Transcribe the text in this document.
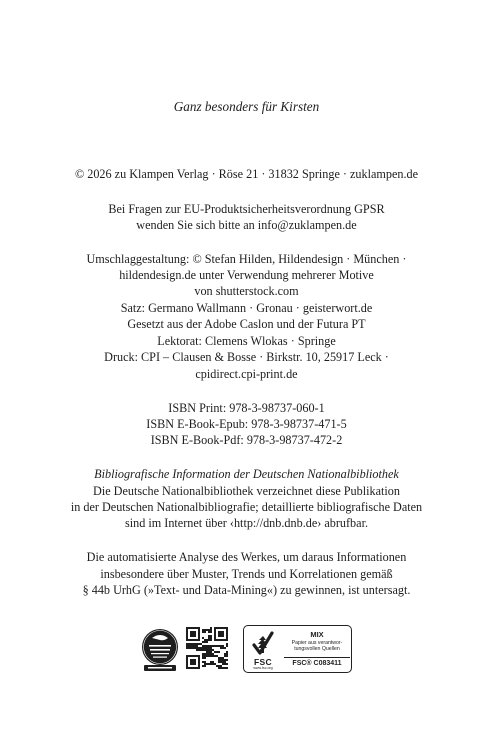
Ganz besonders für Kirsten
© 2026 zu Klampen Verlag · Röse 21 · 31832 Springe · zuklampen.de
Bei Fragen zur EU-Produktsicherheitsverordnung GPSR
wenden Sie sich bitte an info@zuklampen.de
Umschlaggestaltung: © Stefan Hilden, Hildendesign · München ·
hildendesign.de unter Verwendung mehrerer Motive
von shutterstock.com
Satz: Germano Wallmann · Gronau · geisterwort.de
Gesetzt aus der Adobe Caslon und der Futura PT
Lektorat: Clemens Wlokas · Springe
Druck: CPI – Clausen & Bosse · Birkstr. 10, 25917 Leck ·
cpidirect.cpi-print.de
ISBN Print: 978-3-98737-060-1
ISBN E-Book-Epub: 978-3-98737-471-5
ISBN E-Book-Pdf: 978-3-98737-472-2
Bibliografische Information der Deutschen Nationalbibliothek
Die Deutsche Nationalbibliothek verzeichnet diese Publikation
in der Deutschen Nationalbibliografie; detaillierte bibliografische Daten
sind im Internet über ‹http://dnb.dnb.de› abrufbar.
Die automatisierte Analyse des Werkes, um daraus Informationen
insbesondere über Muster, Trends und Korrelationen gemäß
§ 44b UrhG (»Text- und Data-Mining«) zu gewinnen, ist untersagt.
FSC
www.fsc.org
MIX
Papier aus verantwor-
tungsvollen Quellen
FSC® C083411
